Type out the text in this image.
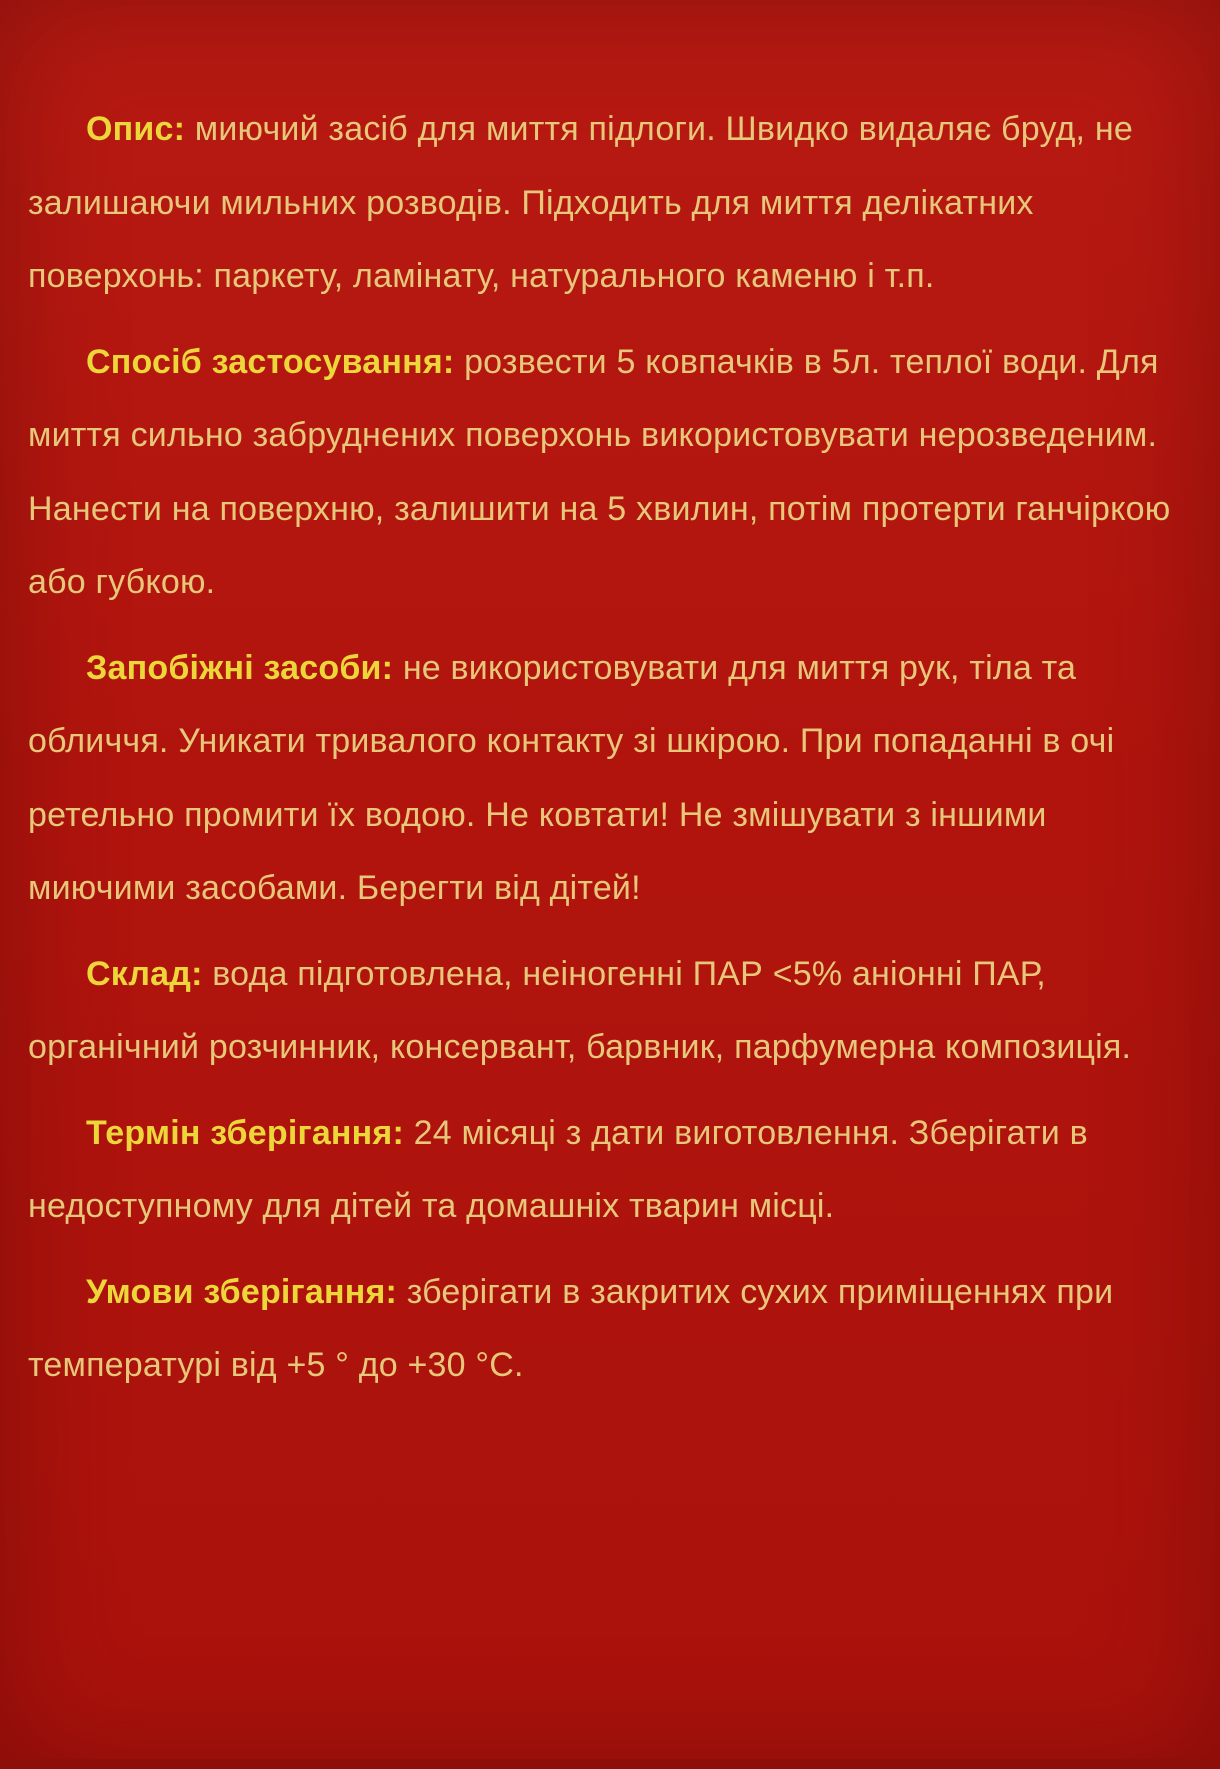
Опис: миючий засіб для миття підлоги. Швидко видаляє бруд, не залишаючи мильних розводів. Підходить для миття делікатних поверхонь: паркету, ламінату, натурального каменю і т.п.

Спосіб застосування: розвести 5 ковпачків в 5л. теплої води. Для миття сильно забруднених поверхонь використовувати нерозведеним. Нанести на поверхню, залишити на 5 хвилин, потім протерти ганчіркою або губкою.

Запобіжні засоби: не використовувати для миття рук, тіла та обличчя. Уникати тривалого контакту зі шкірою. При попаданні в очі ретельно промити їх водою. Не ковтати! Не змішувати з іншими миючими засобами. Берегти від дітей!

Склад: вода підготовлена, неіногенні ПАР <5% аніонні ПАР, органічний розчинник, консервант, барвник, парфумерна композиція.

Термін зберігання: 24 місяці з дати виготовлення. Зберігати в недоступному для дітей та домашніх тварин місці.

Умови зберігання: зберігати в закритих сухих приміщеннях при температурі від +5 ° до +30 °С.
